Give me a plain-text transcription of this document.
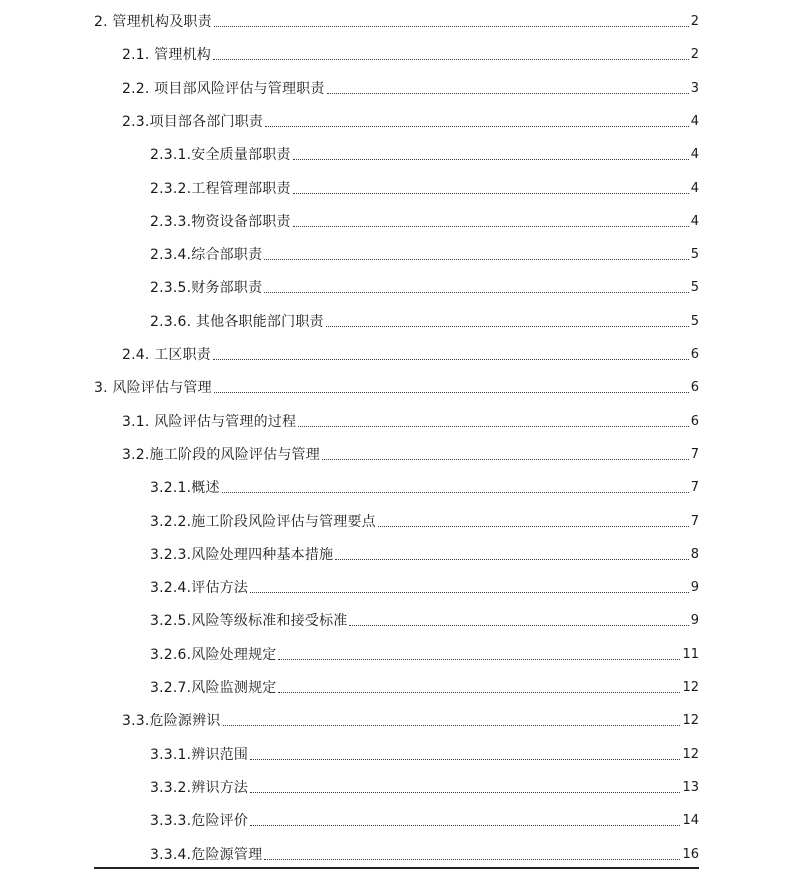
2. 管理机构及职责	2
2.1. 管理机构	2
2.2. 项目部风险评估与管理职责	3
2.3.项目部各部门职责	4
2.3.1.安全质量部职责	4
2.3.2.工程管理部职责	4
2.3.3.物资设备部职责	4
2.3.4.综合部职责	5
2.3.5.财务部职责	5
2.3.6. 其他各职能部门职责	5
2.4. 工区职责	6
3. 风险评估与管理	6
3.1. 风险评估与管理的过程	6
3.2.施工阶段的风险评估与管理	7
3.2.1.概述	7
3.2.2.施工阶段风险评估与管理要点	7
3.2.3.风险处理四种基本措施	8
3.2.4.评估方法	9
3.2.5.风险等级标准和接受标准	9
3.2.6.风险处理规定	11
3.2.7.风险监测规定	12
3.3.危险源辨识	12
3.3.1.辨识范围	12
3.3.2.辨识方法	13
3.3.3.危险评价	14
3.3.4.危险源管理	16
